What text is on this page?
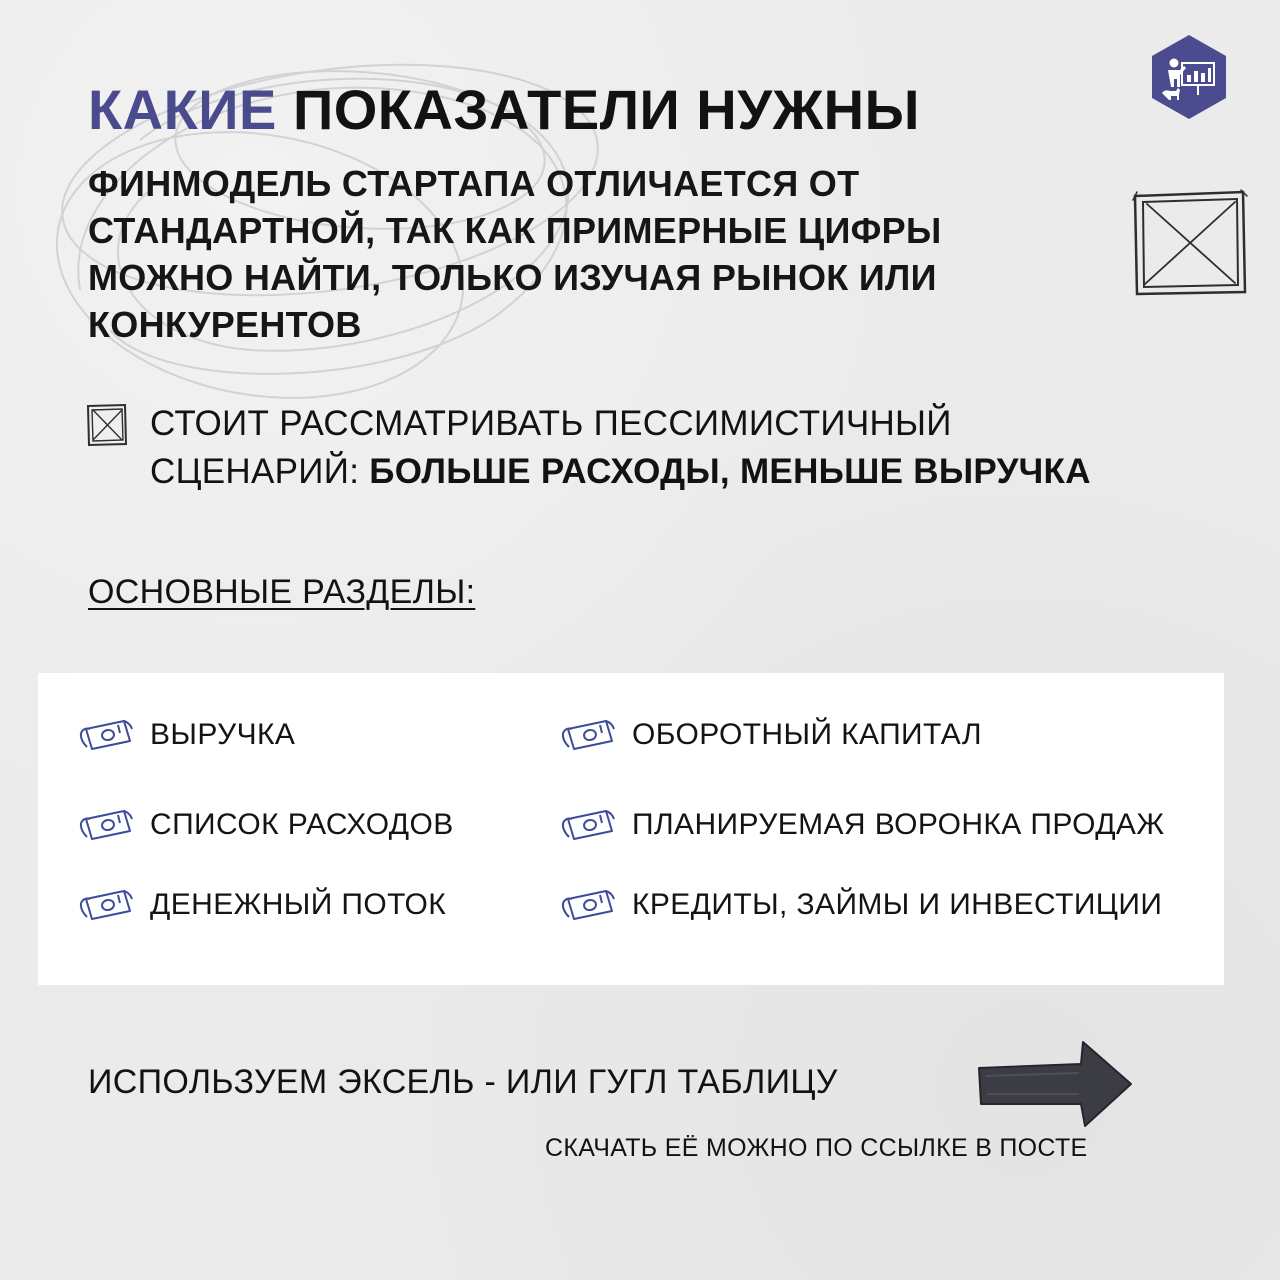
КАКИЕ ПОКАЗАТЕЛИ НУЖНЫ
ФИНМОДЕЛЬ СТАРТАПА ОТЛИЧАЕТСЯ ОТ
СТАНДАРТНОЙ, ТАК КАК ПРИМЕРНЫЕ ЦИФРЫ
МОЖНО НАЙТИ, ТОЛЬКО ИЗУЧАЯ РЫНОК ИЛИ
КОНКУРЕНТОВ
СТОИТ РАССМАТРИВАТЬ ПЕССИМИСТИЧНЫЙ
СЦЕНАРИЙ: БОЛЬШЕ РАСХОДЫ, МЕНЬШЕ ВЫРУЧКА
ОСНОВНЫЕ РАЗДЕЛЫ:
ВЫРУЧКА	ОБОРОТНЫЙ КАПИТАЛ
СПИСОК РАСХОДОВ	ПЛАНИРУЕМАЯ ВОРОНКА ПРОДАЖ
ДЕНЕЖНЫЙ ПОТОК	КРЕДИТЫ, ЗАЙМЫ И ИНВЕСТИЦИИ
ИСПОЛЬЗУЕМ ЭКСЕЛЬ - ИЛИ ГУГЛ ТАБЛИЦУ
СКАЧАТЬ ЕЁ МОЖНО ПО ССЫЛКЕ В ПОСТЕ
